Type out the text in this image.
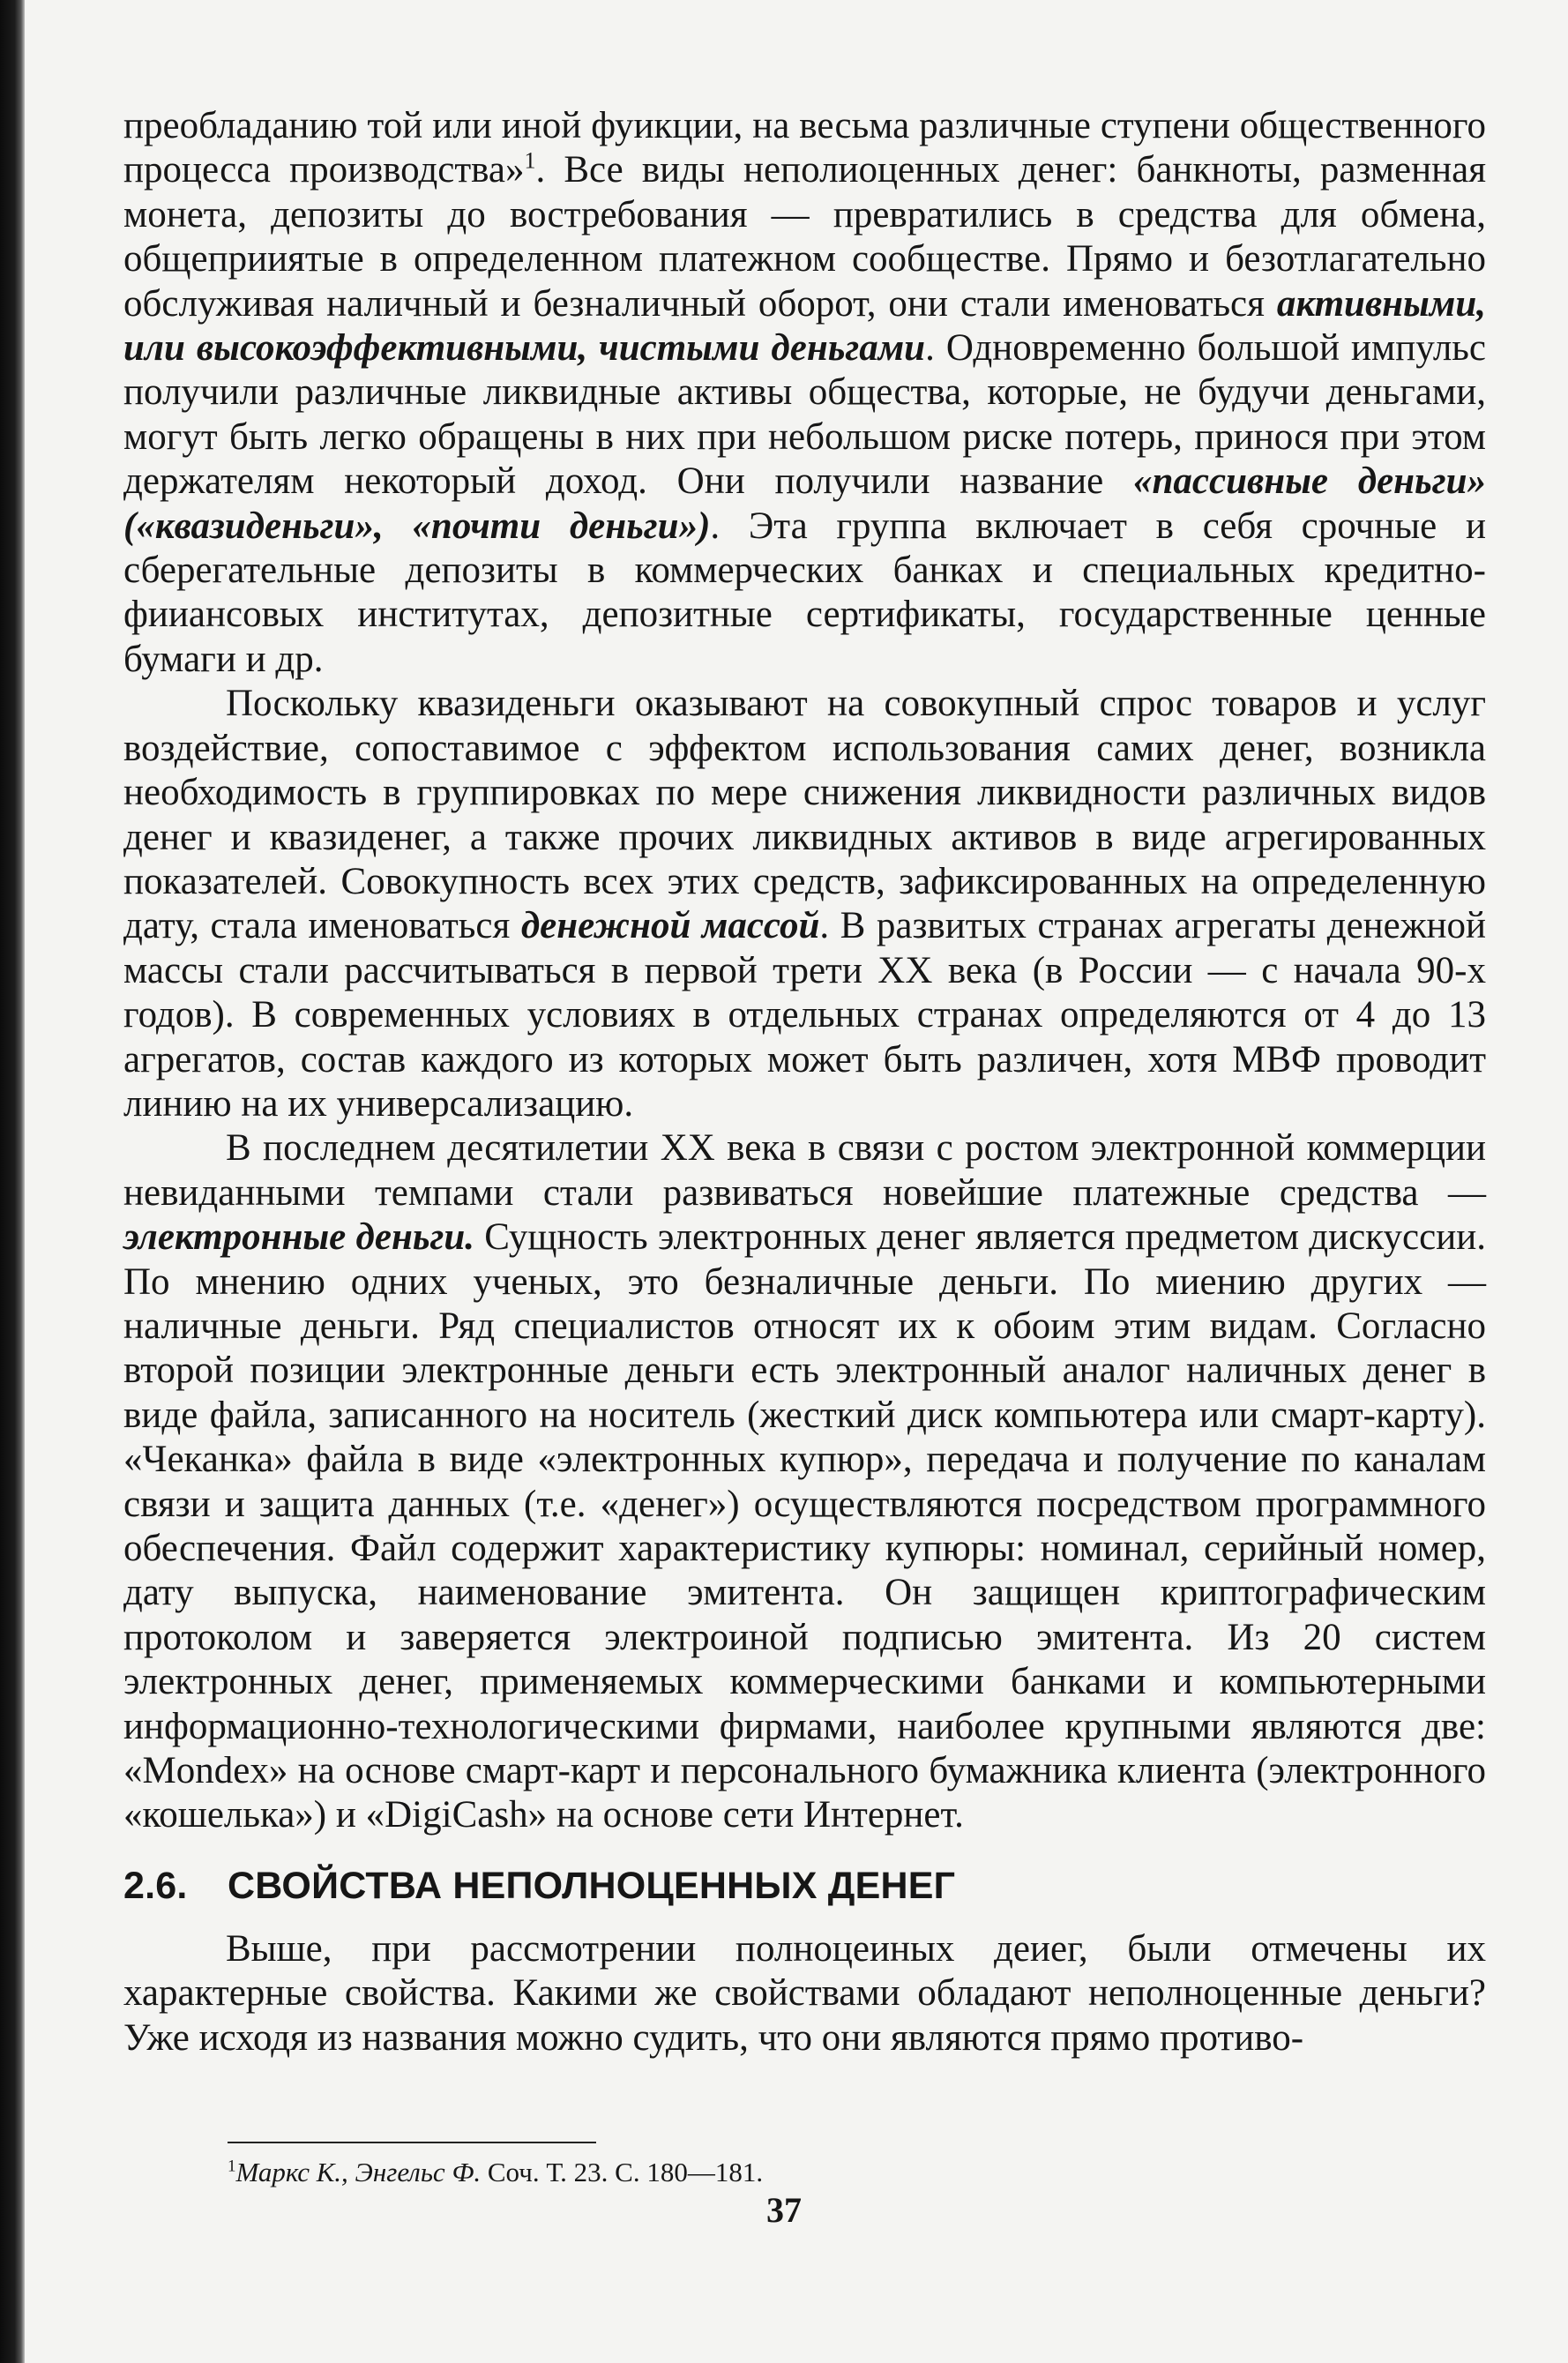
преобладанию той или иной фуикции, на весьма различные ступени общественного процесса производства»$^1$. Все виды неполиоценных денег: банкноты, разменная монета, депозиты до востребования — превратились в средства для обмена, общеприиятые в определенном платежном сообществе. Прямо и безотлагательно обслуживая наличный и безналичный оборот, они стали именоваться активными, или высокоэффективными, чистыми деньгами. Одновременно большой импульс получили различные ликвидные активы общества, которые, не будучи деньгами, могут быть легко обращены в них при небольшом риске потерь, принося при этом держателям некоторый доход. Они получили название «пассивные деньги» («квазиденьги», «почти деньги»). Эта группа включает в себя срочные и сберегательные депозиты в коммерческих банках и специальных кредитно-фииансовых институтах, депозитные сертификаты, государственные ценные бумаги и др.

Поскольку квазиденьги оказывают на совокупный спрос товаров и услуг воздействие, сопоставимое с эффектом использования самих денег, возникла необходимость в группировках по мере снижения ликвидности различных видов денег и квазиденег, а также прочих ликвидных активов в виде агрегированных показателей. Совокупность всех этих средств, зафиксированных на определенную дату, стала именоваться денежной массой. В развитых странах агрегаты денежной массы стали рассчитываться в первой трети XX века (в России — с начала 90-х годов). В современных условиях в отдельных странах определяются от 4 до 13 агрегатов, состав каждого из которых может быть различен, хотя МВФ проводит линию на их универсализацию.

В последнем десятилетии XX века в связи с ростом электронной коммерции невиданными темпами стали развиваться новейшие платежные средства — электронные деньги. Сущность электронных денег является предметом дискуссии. По мнению одних ученых, это безналичные деньги. По миению других — наличные деньги. Ряд специалистов относят их к обоим этим видам. Согласно второй позиции электронные деньги есть электронный аналог наличных денег в виде файла, записанного на носитель (жесткий диск компьютера или смарт-карту). «Чеканка» файла в виде «электронных купюр», передача и получение по каналам связи и защита данных (т.е. «денег») осуществляются посредством программного обеспечения. Файл содержит характеристику купюры: номинал, серийный номер, дату выпуска, наименование эмитента. Он защищен криптографическим протоколом и заверяется электроиной подписью эмитента. Из 20 систем электронных денег, применяемых коммерческими банками и компьютерными информационно-технологическими фирмами, наиболее крупными являются две: «Mondex» на основе смарт-карт и персонального бумажника клиента (электронного «кошелька») и «DigiCash» на основе сети Интернет.

2.6. СВОЙСТВА НЕПОЛНОЦЕННЫХ ДЕНЕГ

Выше, при рассмотрении полноцеиных деиег, были отмечены их характерные свойства. Какими же свойствами обладают неполноценные деньги? Уже исходя из названия можно судить, что они являются прямо противо-

$^1$Маркс К., Энгельс Ф. Соч. Т. 23. С. 180—181.
37
